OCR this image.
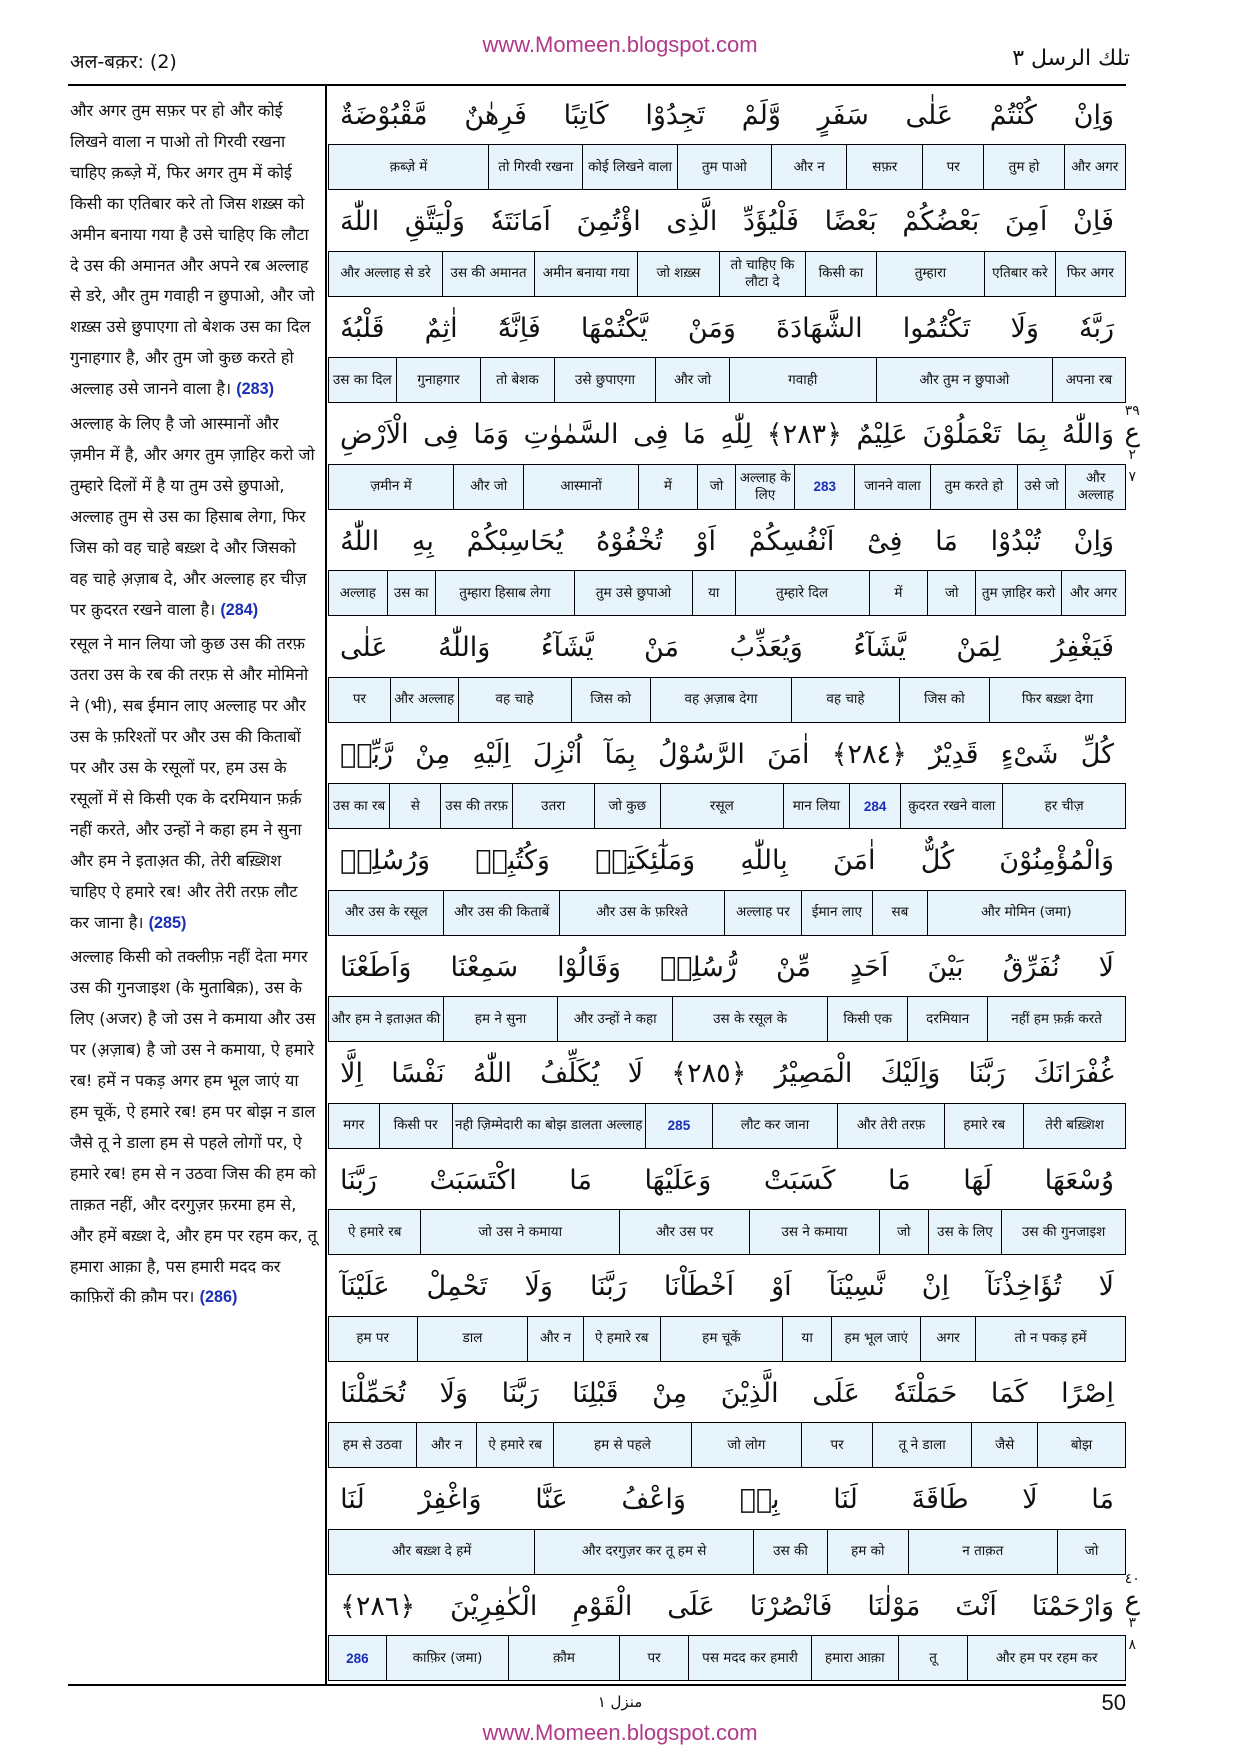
अल-बक़र: (2)
www.Momeen.blogspot.com
تلك الرسل ٣

और अगर तुम सफ़र पर हो और कोई लिखने वाला न पाओ तो गिरवी रखना चाहिए क़ब्ज़े में, फिर अगर तुम में कोई किसी का एतिबार करे तो जिस शख़्स को अमीन बनाया गया है उसे चाहिए कि लौटा दे उस की अमानत और अपने रब अल्लाह से डरे, और तुम गवाही न छुपाओ, और जो शख़्स उसे छुपाएगा तो बेशक उस का दिल गुनाहगार है, और तुम जो कुछ करते हो अल्लाह उसे जानने वाला है। (283)

अल्लाह के लिए है जो आस्मानों और ज़मीन में है, और अगर तुम ज़ाहिर करो जो तुम्हारे दिलों में है या तुम उसे छुपाओ, अल्लाह तुम से उस का हिसाब लेगा, फिर जिस को वह चाहे बख़्श दे और जिसको वह चाहे अ़ज़ाब दे, और अल्लाह हर चीज़ पर क़ुदरत रखने वाला है। (284)

रसूल ने मान लिया जो कुछ उस की तरफ़ उतरा उस के रब की तरफ़ से और मोमिनो ने (भी), सब ईमान लाए अल्लाह पर और उस के फ़रिश्तों पर और उस की किताबों पर और उस के रसूलों पर, हम उस के रसूलों में से किसी एक के दरमियान फ़र्क़ नहीं करते, और उन्हों ने कहा हम ने सुना और हम ने इताअ़त की, तेरी बख़्शिश चाहिए ऐ हमारे रब! और तेरी तरफ़ लौट कर जाना है। (285)

अल्लाह किसी को तक्लीफ़ नहीं देता मगर उस की गुनजाइश (के मुताबिक़), उस के लिए (अजर) है जो उस ने कमाया और उस पर (अ़ज़ाब) है जो उस ने कमाया, ऐ हमारे रब! हमें न पकड़ अगर हम भूल जाएं या हम चूकें, ऐ हमारे रब! हम पर बोझ न डाल जैसे तू ने डाला हम से पहले लोगों पर, ऐ हमारे रब! हम से न उठवा जिस की हम को ताक़त नहीं, और दरगुज़र फ़रमा हम से, और हमें बख़्श दे, और हम पर रहम कर, तू हमारा आक़ा है, पस हमारी मदद कर काफ़िरों की क़ौम पर। (286)

وَاِنْ
كُنْتُمْ
عَلٰى
سَفَرٍ
وَّلَمْ
تَجِدُوْا
كَاتِبًا
فَرِهٰنٌ
مَّقْبُوْضَةٌ
और अगर
तुम हो
पर
सफ़र
और न
तुम पाओ
कोई लिखने वाला
तो गिरवी रखना
क़ब्ज़े में
فَاِنْ
اَمِنَ
بَعْضُكُمْ
بَعْضًا
فَلْيُؤَدِّ
الَّذِى
اؤْتُمِنَ
اَمَانَتَهٗ
وَلْيَتَّقِ
اللّٰهَ
फिर अगर
एतिबार करे
तुम्हारा
किसी का
तो चाहिए कि लौटा दे
जो शख़्स
अमीन बनाया गया
उस की अमानत
और अल्लाह से डरे
رَبَّهٗ
وَلَا
تَكْتُمُوا
الشَّهَادَةَ
وَمَنْ
يَّكْتُمْهَا
فَاِنَّهٗٓ
اٰثِمٌ
قَلْبُهٗ
अपना रब
और तुम न छुपाओ
गवाही
और जो
उसे छुपाएगा
तो बेशक
गुनाहगार
उस का दिल
وَاللّٰهُ
بِمَا
تَعْمَلُوْنَ
عَلِيْمٌ
﴿٢٨٣﴾
لِلّٰهِ
مَا
فِى
السَّمٰوٰتِ
وَمَا
فِى
الْاَرْضِ
और अल्लाह
उसे जो
तुम करते हो
जानने वाला
283
अल्लाह के लिए
जो
में
आस्मानों
और जो
ज़मीन में
وَاِنْ
تُبْدُوْا
مَا
فِىْٓ
اَنْفُسِكُمْ
اَوْ
تُخْفُوْهُ
يُحَاسِبْكُمْ
بِهِ
اللّٰهُ
और अगर
तुम ज़ाहिर करो
जो
में
तुम्हारे दिल
या
तुम उसे छुपाओ
तुम्हारा हिसाब लेगा
उस का
अल्लाह
فَيَغْفِرُ
لِمَنْ
يَّشَآءُ
وَيُعَذِّبُ
مَنْ
يَّشَآءُ
وَاللّٰهُ
عَلٰى
फिर बख़्श देगा
जिस को
वह चाहे
वह अ़ज़ाब देगा
जिस को
वह चाहे
और अल्लाह
पर
كُلِّ
شَىْءٍ
قَدِيْرٌ
﴿٢٨٤﴾
اٰمَنَ
الرَّسُوْلُ
بِمَآ
اُنْزِلَ
اِلَيْهِ
مِنْ
رَّبِّهٖ
हर चीज़
क़ुदरत रखने वाला
284
मान लिया
रसूल
जो कुछ
उतरा
उस की तरफ़
से
उस का रब
وَالْمُؤْمِنُوْنَ
كُلٌّ
اٰمَنَ
بِاللّٰهِ
وَمَلٰٓئِكَتِهٖ
وَكُتُبِهٖ
وَرُسُلِهٖ
और मोमिन (जमा)
सब
ईमान लाए
अल्लाह पर
और उस के फ़रिश्ते
और उस की किताबें
और उस के रसूल
لَا
نُفَرِّقُ
بَيْنَ
اَحَدٍ
مِّنْ
رُّسُلِهٖ
وَقَالُوْا
سَمِعْنَا
وَاَطَعْنَا
नहीं हम फ़र्क़ करते
दरमियान
किसी एक
उस के रसूल के
और उन्हों ने कहा
हम ने सुना
और हम ने इताअ़त की
غُفْرَانَكَ
رَبَّنَا
وَاِلَيْكَ
الْمَصِيْرُ
﴿٢٨٥﴾
لَا
يُكَلِّفُ
اللّٰهُ
نَفْسًا
اِلَّا
तेरी बख़्शिश
हमारे रब
और तेरी तरफ़
लौट कर जाना
285
नही ज़िम्मेदारी का बोझ डालता अल्लाह
किसी पर
मगर
وُسْعَهَا
لَهَا
مَا
كَسَبَتْ
وَعَلَيْهَا
مَا
اكْتَسَبَتْ
رَبَّنَا
उस की गुनजाइश
उस के लिए
जो
उस ने कमाया
और उस पर
जो उस ने कमाया
ऐ हमारे रब
لَا
تُؤَاخِذْنَآ
اِنْ
نَّسِيْنَآ
اَوْ
اَخْطَاْنَا
رَبَّنَا
وَلَا
تَحْمِلْ
عَلَيْنَآ
तो न पकड़ हमें
अगर
हम भूल जाएं
या
हम चूकें
ऐ हमारे रब
और न
डाल
हम पर
اِصْرًا
كَمَا
حَمَلْتَهٗ
عَلَى
الَّذِيْنَ
مِنْ
قَبْلِنَا
رَبَّنَا
وَلَا
تُحَمِّلْنَا
बोझ
जैसे
तू ने डाला
पर
जो लोग
हम से पहले
ऐ हमारे रब
और न
हम से उठवा
مَا
لَا
طَاقَةَ
لَنَا
بِهٖ
وَاعْفُ
عَنَّا
وَاغْفِرْ
لَنَا
जो
न ताक़त
हम को
उस की
और दरगुज़र कर तू हम से
और बख़्श दे हमें
وَارْحَمْنَا
اَنْتَ
مَوْلٰنَا
فَانْصُرْنَا
عَلَى
الْقَوْمِ
الْكٰفِرِيْنَ
﴿٢٨٦﴾
और हम पर रहम कर
तू
हमारा आक़ा
पस मदद कर हमारी
पर
क़ौम
काफ़िर (जमा)
286
٣٩
ع
٢
٧
٤٠
ع
٣
٨
منزل ١	50
www.Momeen.blogspot.com
